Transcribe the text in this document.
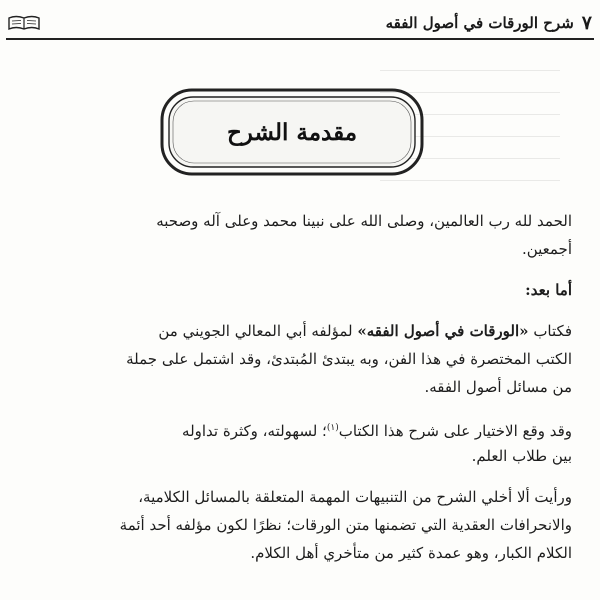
٧
شرح الورقات في أصول الفقه
مقدمة الشرح
الحمد لله رب العالمين، وصلى الله على نبينا محمد وعلى آله وصحبه
أجمعين.
أما بعد:
فكتاب «الورقات في أصول الفقه» لمؤلفه أبي المعالي الجويني من
الكتب المختصرة في هذا الفن، وبه يبتدئ المُبتدئ، وقد اشتمل على جملة
من مسائل أصول الفقه.
وقد وقع الاختيار على شرح هذا الكتاب$^{(١)}$؛ لسهولته، وكثرة تداوله
بين طلاب العلم.
ورأيت ألا أخلي الشرح من التنبيهات المهمة المتعلقة بالمسائل الكلامية،
والانحرافات العقدية التي تضمنها متن الورقات؛ نظرًا لكون مؤلفه أحد أئمة
الكلام الكبار، وهو عمدة كثير من متأخري أهل الكلام.
